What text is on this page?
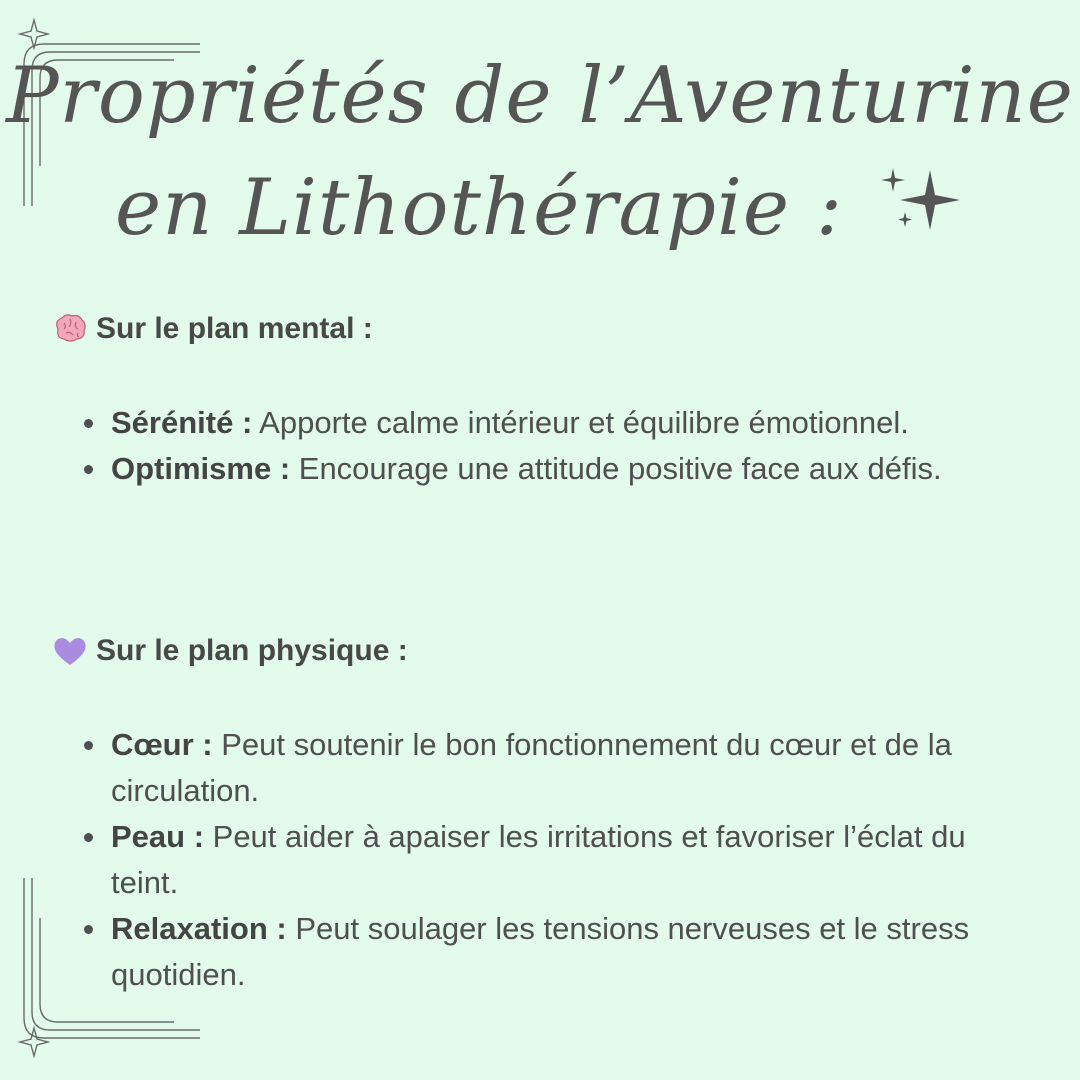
Propriétés de l’Aventurine
en Lithothérapie :
Sur le plan mental :
Sérénité : Apporte calme intérieur et équilibre émotionnel.
Optimisme : Encourage une attitude positive face aux défis.
Sur le plan physique :
Cœur : Peut soutenir le bon fonctionnement du cœur et de la circulation.
Peau : Peut aider à apaiser les irritations et favoriser l’éclat du teint.
Relaxation : Peut soulager les tensions nerveuses et le stress quotidien.
